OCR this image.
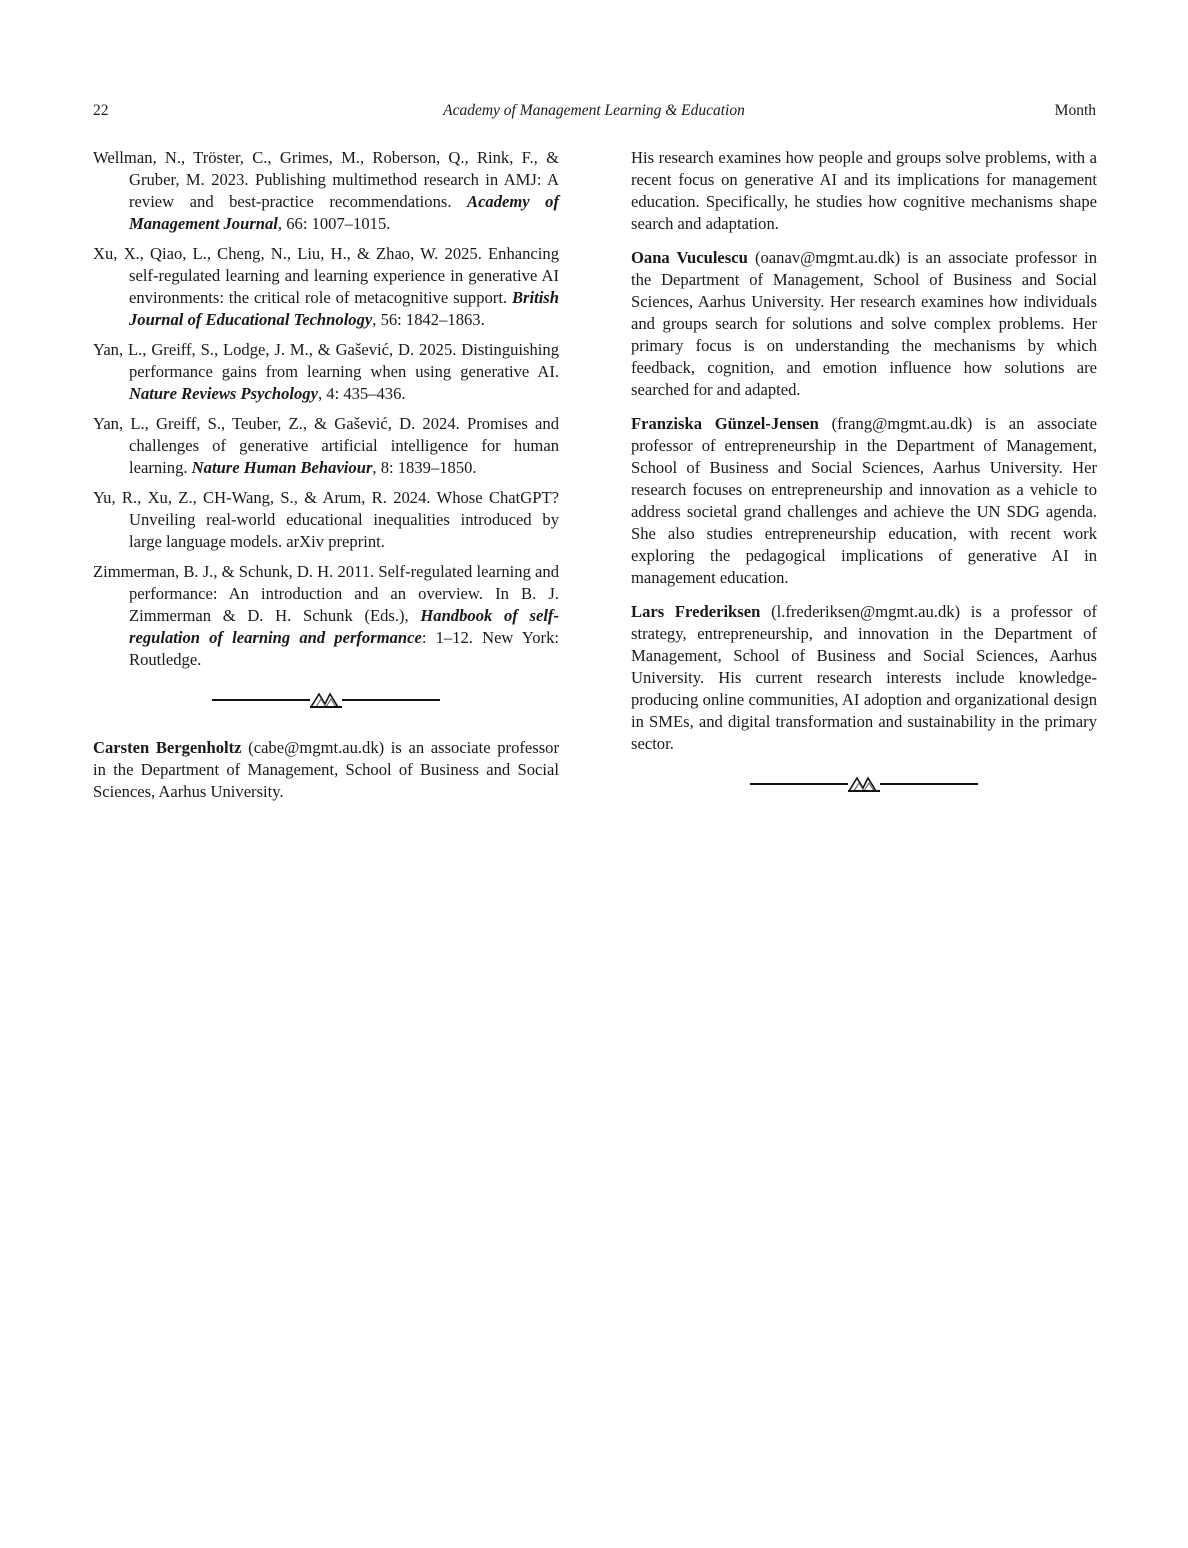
22	Academy of Management Learning & Education	Month

Wellman, N., Tröster, C., Grimes, M., Roberson, Q., Rink, F., & Gruber, M. 2023. Publishing multimethod research in AMJ: A review and best-practice recommendations. Academy of Management Journal, 66: 1007–1015.

Xu, X., Qiao, L., Cheng, N., Liu, H., & Zhao, W. 2025. Enhancing self-regulated learning and learning experience in generative AI environments: the critical role of metacognitive support. British Journal of Educational Technology, 56: 1842–1863.

Yan, L., Greiff, S., Lodge, J. M., & Gašević, D. 2025. Distinguishing performance gains from learning when using generative AI. Nature Reviews Psychology, 4: 435–436.

Yan, L., Greiff, S., Teuber, Z., & Gašević, D. 2024. Promises and challenges of generative artificial intelligence for human learning. Nature Human Behaviour, 8: 1839–1850.

Yu, R., Xu, Z., CH-Wang, S., & Arum, R. 2024. Whose ChatGPT? Unveiling real-world educational inequalities introduced by large language models. arXiv preprint.

Zimmerman, B. J., & Schunk, D. H. 2011. Self-regulated learning and performance: An introduction and an overview. In B. J. Zimmerman & D. H. Schunk (Eds.), Handbook of self-regulation of learning and performance: 1–12. New York: Routledge.

Carsten Bergenholtz (cabe@mgmt.au.dk) is an associate professor in the Department of Management, School of Business and Social Sciences, Aarhus University.

His research examines how people and groups solve problems, with a recent focus on generative AI and its implications for management education. Specifically, he studies how cognitive mechanisms shape search and adaptation.

Oana Vuculescu (oanav@mgmt.au.dk) is an associate professor in the Department of Management, School of Business and Social Sciences, Aarhus University. Her research examines how individuals and groups search for solutions and solve complex problems. Her primary focus is on understanding the mechanisms by which feedback, cognition, and emotion influence how solutions are searched for and adapted.

Franziska Günzel-Jensen (frang@mgmt.au.dk) is an associate professor of entrepreneurship in the Department of Management, School of Business and Social Sciences, Aarhus University. Her research focuses on entrepreneurship and innovation as a vehicle to address societal grand challenges and achieve the UN SDG agenda. She also studies entrepreneurship education, with recent work exploring the pedagogical implications of generative AI in management education.

Lars Frederiksen (l.frederiksen@mgmt.au.dk) is a professor of strategy, entrepreneurship, and innovation in the Department of Management, School of Business and Social Sciences, Aarhus University. His current research interests include knowledge-producing online communities, AI adoption and organizational design in SMEs, and digital transformation and sustainability in the primary sector.
